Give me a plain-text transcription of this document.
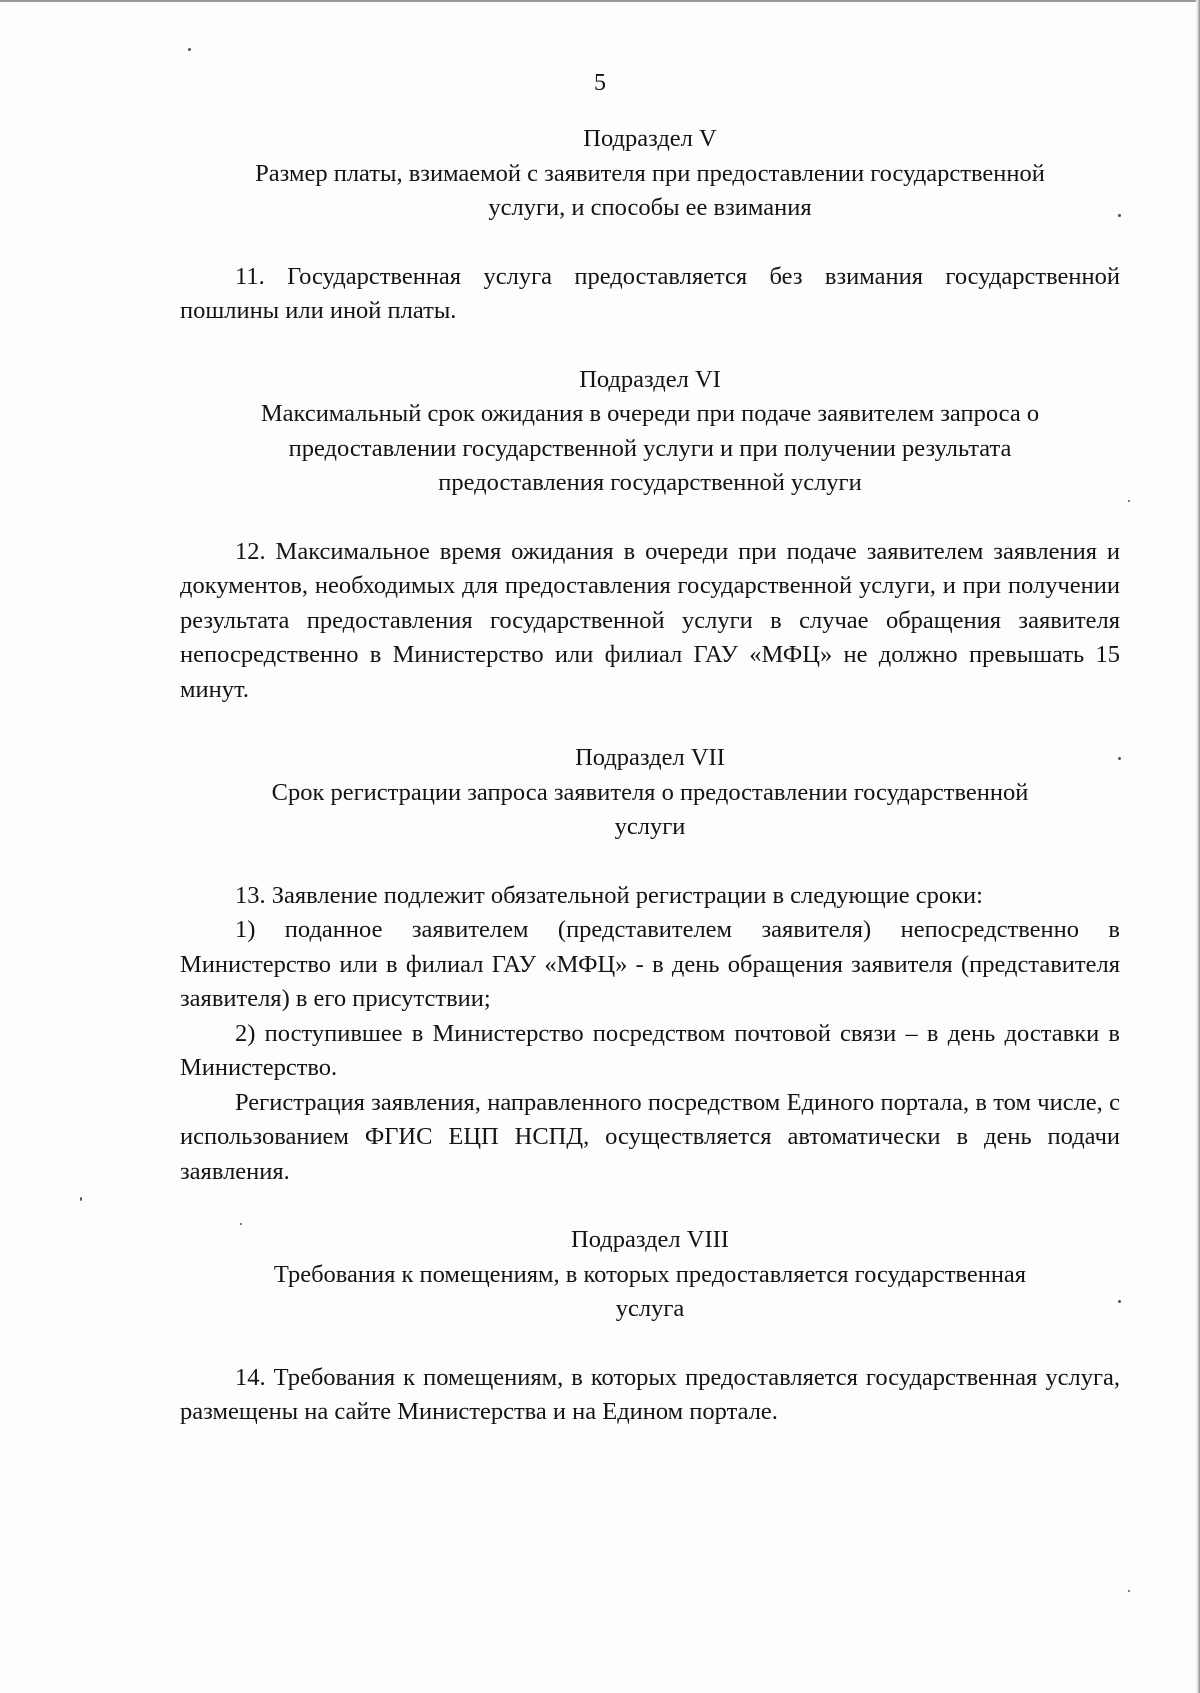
5
Подраздел V
Размер платы, взимаемой с заявителя при предоставлении государственной
услуги, и способы ее взимания

11. Государственная услуга предоставляется без взимания государственной пошлины или иной платы.

Подраздел VI
Максимальный срок ожидания в очереди при подаче заявителем запроса о
предоставлении государственной услуги и при получении результата
предоставления государственной услуги

12. Максимальное время ожидания в очереди при подаче заявителем заявления и документов, необходимых для предоставления государственной услуги, и при получении результата предоставления государственной услуги в случае обращения заявителя непосредственно в Министерство или филиал ГАУ «МФЦ» не должно превышать 15 минут.

Подраздел VII
Срок регистрации запроса заявителя о предоставлении государственной
услуги

13. Заявление подлежит обязательной регистрации в следующие сроки:

1) поданное заявителем (представителем заявителя) непосредственно в Министерство или в филиал ГАУ «МФЦ» - в день обращения заявителя (представителя заявителя) в его присутствии;

2) поступившее в Министерство посредством почтовой связи – в день доставки в Министерство.

Регистрация заявления, направленного посредством Единого портала, в том числе, с использованием ФГИС ЕЦП НСПД, осуществляется автоматически в день подачи заявления.

Подраздел VIII
Требования к помещениям, в которых предоставляется государственная
услуга

14. Требования к помещениям, в которых предоставляется государственная услуга, размещены на сайте Министерства и на Едином портале.
